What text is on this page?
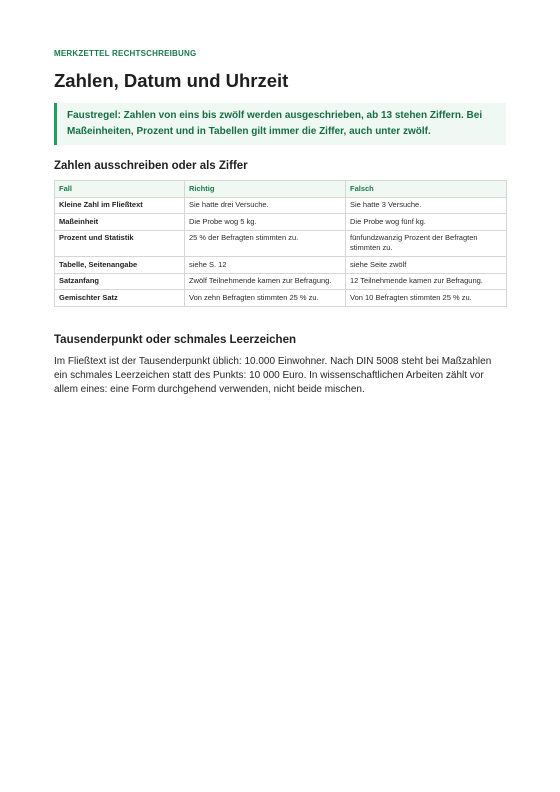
MERKZETTEL RECHTSCHREIBUNG

Zahlen, Datum und Uhrzeit
Faustregel: Zahlen von eins bis zwölf werden ausgeschrieben, ab 13 stehen Ziffern. Bei Maßeinheiten, Prozent und in Tabellen gilt immer die Ziffer, auch unter zwölf.
Zahlen ausschreiben oder als Ziffer
Fall	Richtig	Falsch
Kleine Zahl im Fließtext	Sie hatte drei Versuche.	Sie hatte 3 Versuche.
Maßeinheit	Die Probe wog 5 kg.	Die Probe wog fünf kg.
Prozent und Statistik	25 % der Befragten stimmten zu.	fünfundzwanzig Prozent der Befragten stimmten zu.
Tabelle, Seitenangabe	siehe S. 12	siehe Seite zwölf
Satzanfang	Zwölf Teilnehmende kamen zur Befragung.	12 Teilnehmende kamen zur Befragung.
Gemischter Satz	Von zehn Befragten stimmten 25 % zu.	Von 10 Befragten stimmten 25 % zu.
Tausenderpunkt oder schmales Leerzeichen

Im Fließtext ist der Tausenderpunkt üblich: 10.000 Einwohner. Nach DIN 5008 steht bei Maßzahlen ein schmales Leerzeichen statt des Punkts: 10 000 Euro. In wissenschaftlichen Arbeiten zählt vor allem eines: eine Form durchgehend verwenden, nicht beide mischen.
